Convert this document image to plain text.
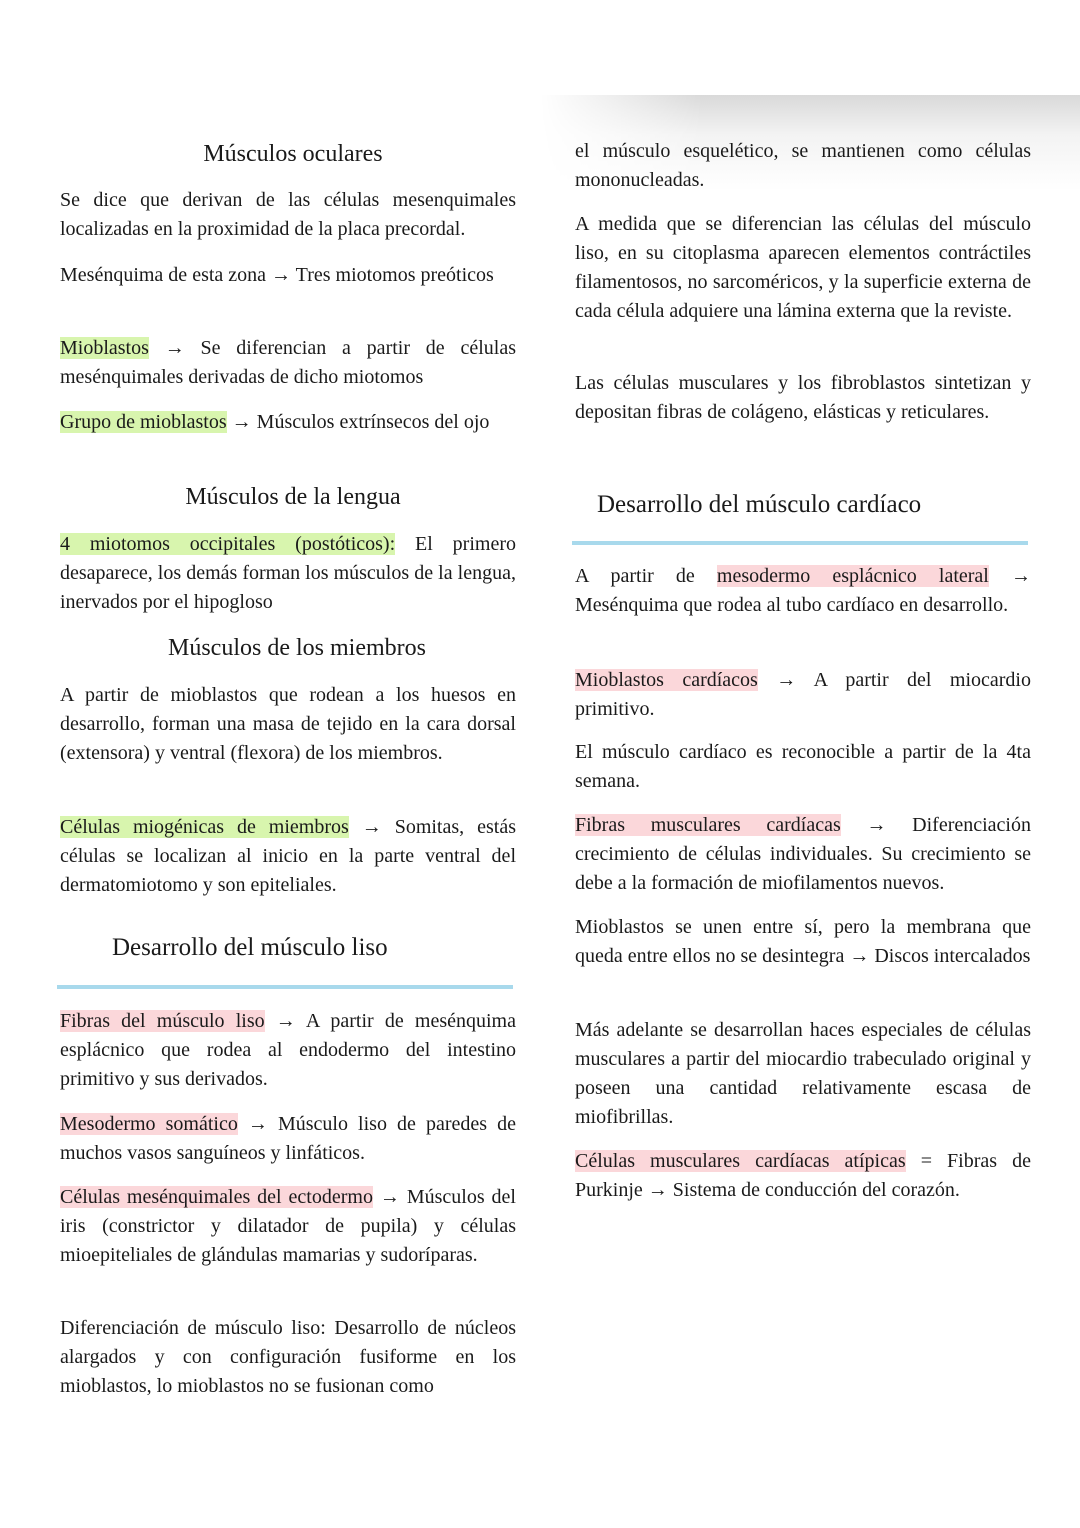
Músculos oculares
Se dice que derivan de las células mesenquimales localizadas en la proximidad de la placa precordal.
Mesénquima de esta zona → Tres miotomos preóticos
Mioblastos → Se diferencian a partir de células mesénquimales derivadas de dicho miotomos
Grupo de mioblastos → Músculos extrínsecos del ojo
Músculos de la lengua
4 miotomos occipitales (postóticos): El primero desaparece, los demás forman los músculos de la lengua, inervados por el hipogloso
Músculos de los miembros
A partir de mioblastos que rodean a los huesos en desarrollo, forman una masa de tejido en la cara dorsal (extensora) y ventral (flexora) de los miembros.
Células miogénicas de miembros → Somitas, estás células se localizan al inicio en la parte ventral del dermatomiotomo y son epiteliales.
Desarrollo del músculo liso
Fibras del músculo liso → A partir de mesénquima esplácnico que rodea al endodermo del intestino primitivo y sus derivados.
Mesodermo somático → Músculo liso de paredes de muchos vasos sanguíneos y linfáticos.
Células mesénquimales del ectodermo → Músculos del iris (constrictor y dilatador de pupila) y células mioepiteliales de glándulas mamarias y sudoríparas.
Diferenciación de músculo liso: Desarrollo de núcleos alargados y con configuración fusiforme en los mioblastos, lo mioblastos no se fusionan como
el músculo esquelético, se mantienen como células mononucleadas.
A medida que se diferencian las células del músculo liso, en su citoplasma aparecen elementos contráctiles filamentosos, no sarcoméricos, y la superficie externa de cada célula adquiere una lámina externa que la reviste.
Las células musculares y los fibroblastos sintetizan y depositan fibras de colágeno, elásticas y reticulares.
Desarrollo del músculo cardíaco
A partir de mesodermo esplácnico lateral → Mesénquima que rodea al tubo cardíaco en desarrollo.
Mioblastos cardíacos → A partir del miocardio primitivo.
El músculo cardíaco es reconocible a partir de la 4ta semana.
Fibras musculares cardíacas → Diferenciación crecimiento de células individuales. Su crecimiento se debe a la formación de miofilamentos nuevos.
Mioblastos se unen entre sí, pero la membrana que queda entre ellos no se desintegra → Discos intercalados
Más adelante se desarrollan haces especiales de células musculares a partir del miocardio trabeculado original y poseen una cantidad relativamente escasa de miofibrillas.
Células musculares cardíacas atípicas = Fibras de Purkinje → Sistema de conducción del corazón.
